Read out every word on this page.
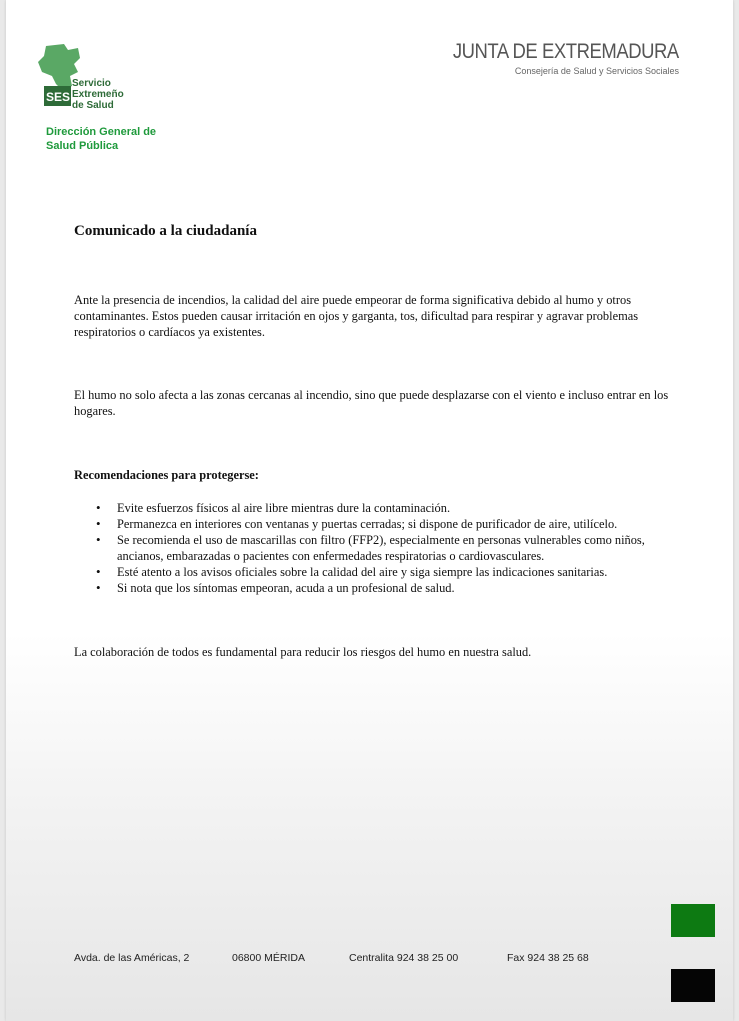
SES
Servicio
Extremeño
de Salud
Dirección General de
Salud Pública
JUNTA DE EXTREMADURA
Consejería de Salud y Servicios Sociales
Comunicado a la ciudadanía
Ante la presencia de incendios, la calidad del aire puede empeorar de forma significativa debido al humo y otros contaminantes. Estos pueden causar irritación en ojos y garganta, tos, dificultad para respirar y agravar problemas respiratorios o cardíacos ya existentes.
El humo no solo afecta a las zonas cercanas al incendio, sino que puede desplazarse con el viento e incluso entrar en los hogares.
Recomendaciones para protegerse:
• Evite esfuerzos físicos al aire libre mientras dure la contaminación.
• Permanezca en interiores con ventanas y puertas cerradas; si dispone de purificador de aire, utilícelo.
• Se recomienda el uso de mascarillas con filtro (FFP2), especialmente en personas vulnerables como niños, ancianos, embarazadas o pacientes con enfermedades respiratorias o cardiovasculares.
• Esté atento a los avisos oficiales sobre la calidad del aire y siga siempre las indicaciones sanitarias.
• Si nota que los síntomas empeoran, acuda a un profesional de salud.
La colaboración de todos es fundamental para reducir los riesgos del humo en nuestra salud.
Avda. de las Américas, 2	06800 MÉRIDA	Centralita 924 38 25 00	Fax 924 38 25 68
